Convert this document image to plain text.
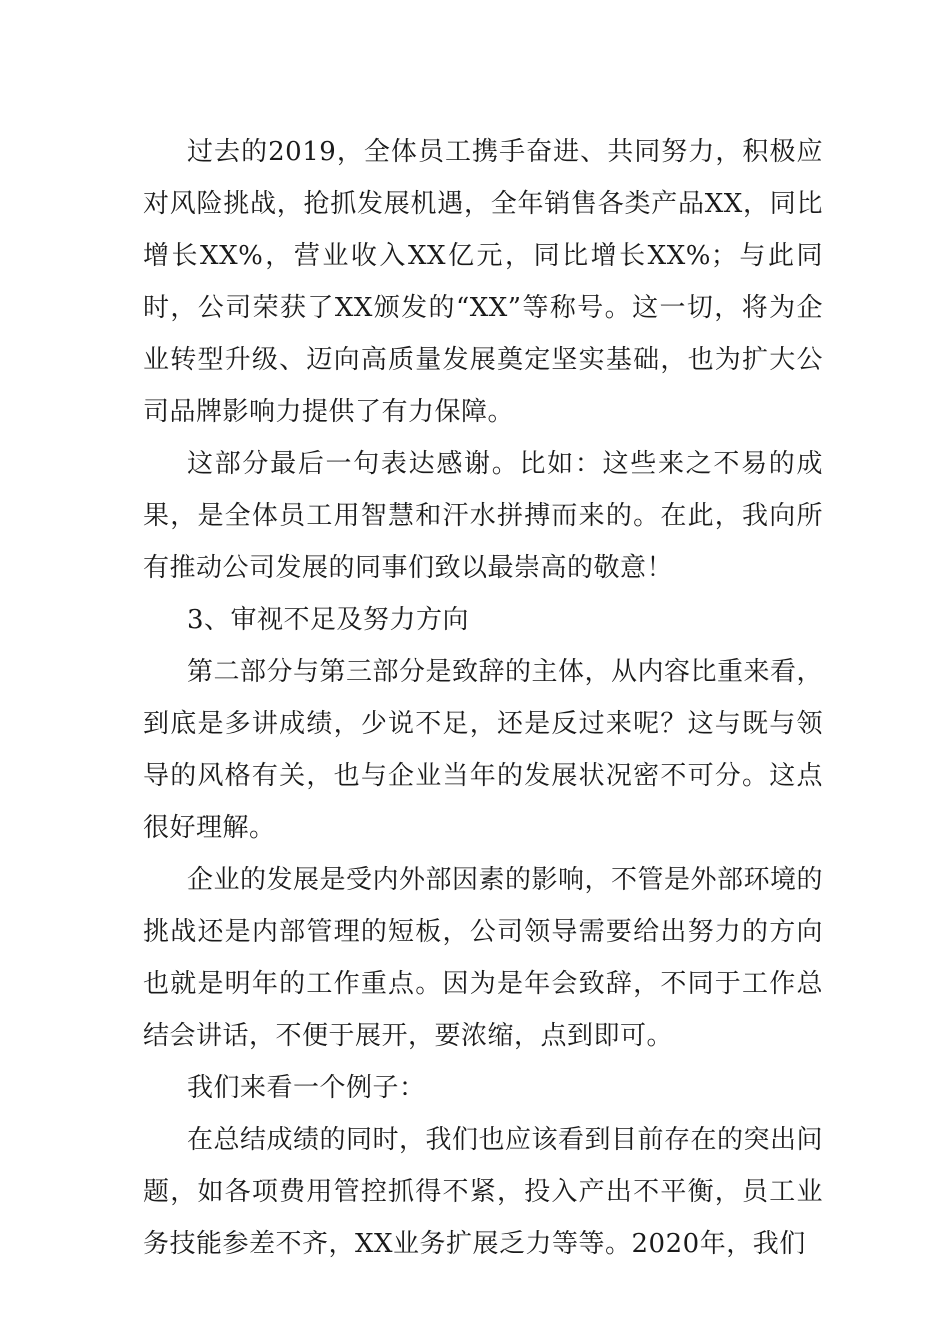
过去的2019，全体员工携手奋进、共同努力，积极应对风险挑战，抢抓发展机遇，全年销售各类产品XX，同比增长XX%，营业收入XX亿元，同比增长XX%；与此同时，公司荣获了XX颁发的“XX”等称号。这一切，将为企业转型升级、迈向高质量发展奠定坚实基础，也为扩大公司品牌影响力提供了有力保障。

这部分最后一句表达感谢。比如：这些来之不易的成果，是全体员工用智慧和汗水拼搏而来的。在此，我向所有推动公司发展的同事们致以最崇高的敬意！

3、审视不足及努力方向

第二部分与第三部分是致辞的主体，从内容比重来看，到底是多讲成绩，少说不足，还是反过来呢？这与既与领导的风格有关，也与企业当年的发展状况密不可分。这点很好理解。

企业的发展是受内外部因素的影响，不管是外部环境的挑战还是内部管理的短板，公司领导需要给出努力的方向也就是明年的工作重点。因为是年会致辞，不同于工作总结会讲话，不便于展开，要浓缩，点到即可。

我们来看一个例子：

在总结成绩的同时，我们也应该看到目前存在的突出问题，如各项费用管控抓得不紧，投入产出不平衡，员工业务技能参差不齐，XX业务扩展乏力等等。2020年，我们
